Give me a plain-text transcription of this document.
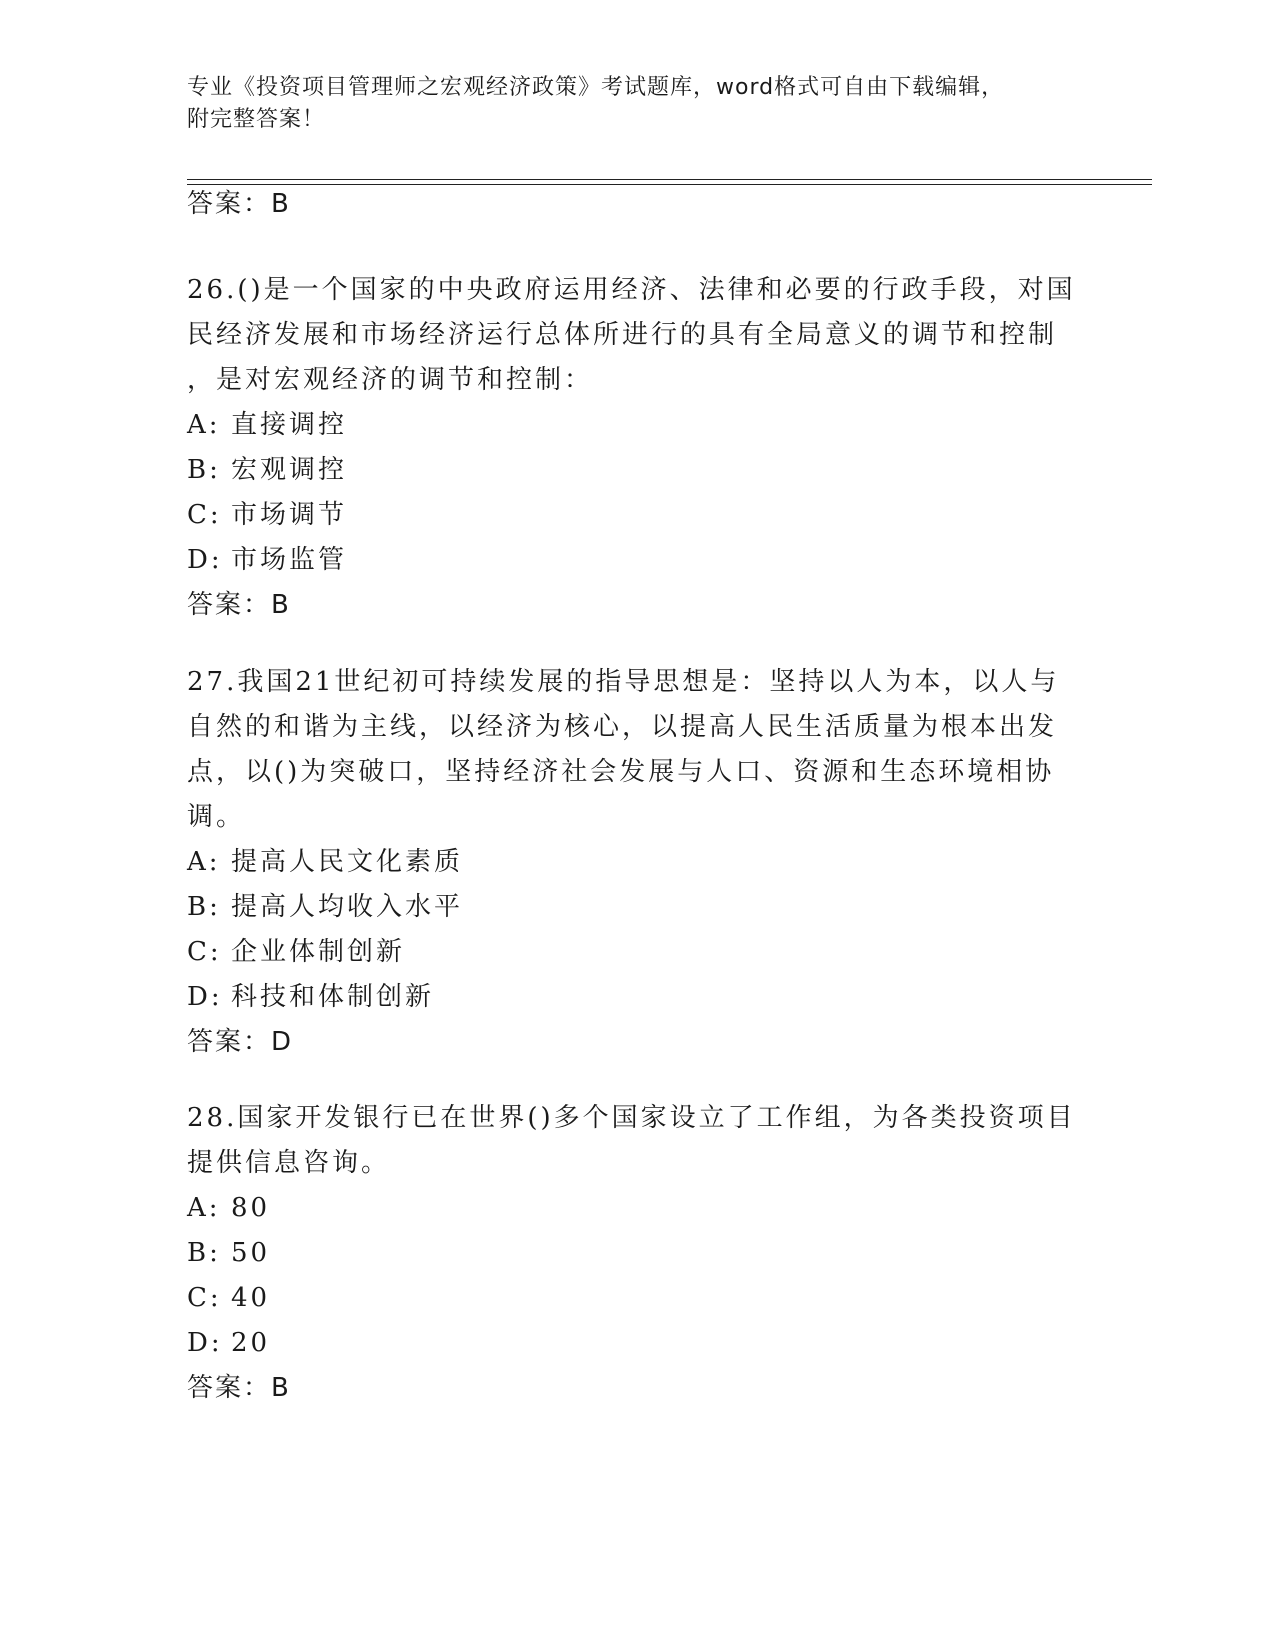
专业《投资项目管理师之宏观经济政策》考试题库，word格式可自由下载编辑，
附完整答案！
答案：B
26.()是一个国家的中央政府运用经济、法律和必要的行政手段，对国
民经济发展和市场经济运行总体所进行的具有全局意义的调节和控制
，是对宏观经济的调节和控制：
A: 直接调控
B: 宏观调控
C: 市场调节
D: 市场监管
答案：B
27.我国21世纪初可持续发展的指导思想是：坚持以人为本，以人与
自然的和谐为主线，以经济为核心，以提高人民生活质量为根本出发
点，以()为突破口，坚持经济社会发展与人口、资源和生态环境相协
调。
A: 提高人民文化素质
B: 提高人均收入水平
C: 企业体制创新
D: 科技和体制创新
答案：D
28.国家开发银行已在世界()多个国家设立了工作组，为各类投资项目
提供信息咨询。
A: 80
B: 50
C: 40
D: 20
答案：B
